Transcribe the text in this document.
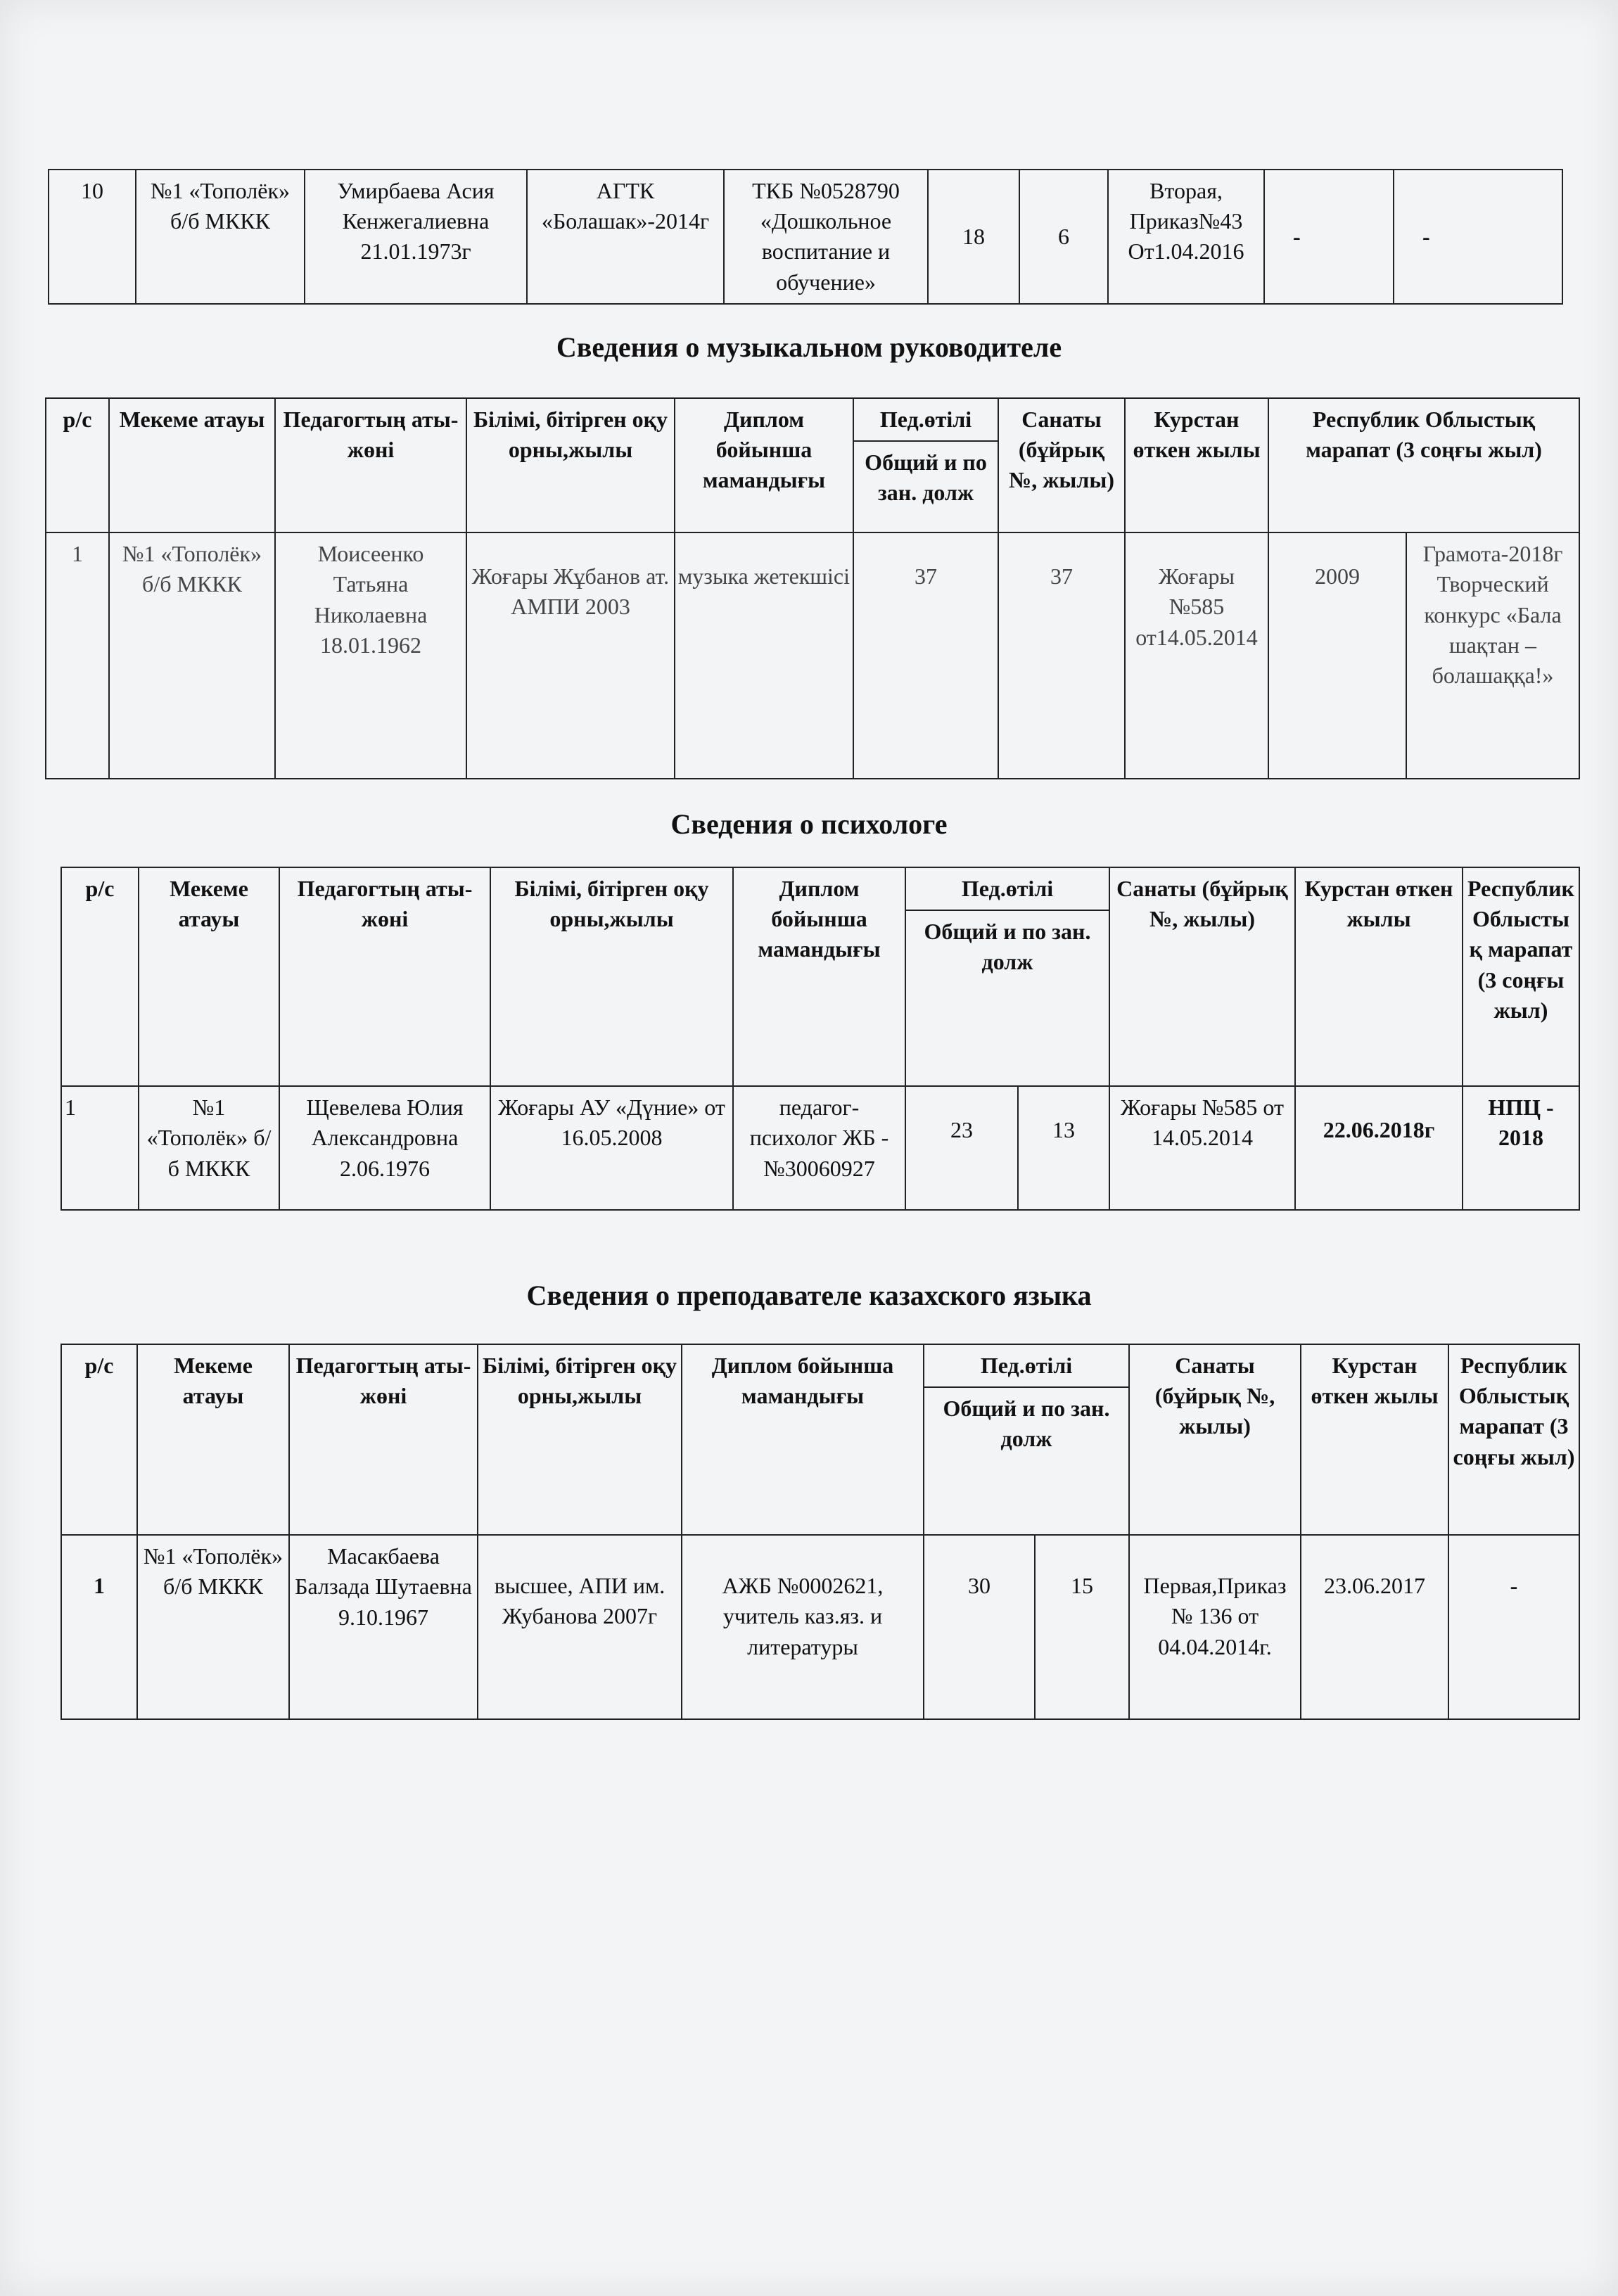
10	№1 «Тополёк» б/б МККК	Умирбаева Асия Кенжегалиевна 21.01.1973г	АГТК «Болашак»-2014г	ТКБ №0528790 «Дошкольное воспитание и обучение»	18	6	Вторая, Приказ№43 От1.04.2016	-	-
Сведения о музыкальном руководителе
р/с	Мекеме атауы	Педагогтың аты- жөні	Білімі, бітірген оқу орны,жылы	Диплом бойынша мамандығы	Пед.өтілі	Санаты (бұйрық №, жылы)	Курстан өткен жылы	Республик Облыстық марапат (3 соңғы жыл)	
					Общий и по зан. долж				
1	№1 «Тополёк» б/б МККК	Моисеенко Татьяна Николаевна 18.01.1962	Жоғары Жұбанов ат. АМПИ 2003	музыка жетекшісі	37	37	Жоғары №585 от14.05.2014	2009	Грамота-2018г Творческий конкурс «Бала шақтан – болашаққа!»
Сведения о психологе
р/с	Мекеме атауы	Педагогтың аты- жөні	Білімі, бітірген оқу орны,жылы	Диплом бойынша мамандығы	Пед.өтілі		Санаты (бұйрық №, жылы)	Курстан өткен жылы	Республик Облыстық марапат (3 соңғы жыл)
					Общий и по зан. долж				
1	№1 «Тополёк» б/б МККК	Щевелева Юлия Александровна 2.06.1976	Жоғары АУ «Дүние» от 16.05.2008	педагог-психолог ЖБ - №30060927	23	13	Жоғары №585 от 14.05.2014	22.06.2018г	НПЦ - 2018
Сведения о преподавателе казахского языка
р/с	Мекеме атауы	Педагогтың аты- жөні	Білімі, бітірген оқу орны,жылы	Диплом бойынша мамандығы	Пед.өтілі		Санаты (бұйрық №, жылы)	Курстан өткен жылы	РеспубликОблыстық марапат (3 соңғы жыл)
					Общий и по зан. долж				
1	№1 «Тополёк» б/б МККК	Масакбаева Балзада Шутаевна 9.10.1967	высшее, АПИ им. Жубанова 2007г	АЖБ №0002621, учитель каз.яз. и литературы	30	15	Первая,Приказ № 136 от 04.04.2014г.	23.06.2017	-
